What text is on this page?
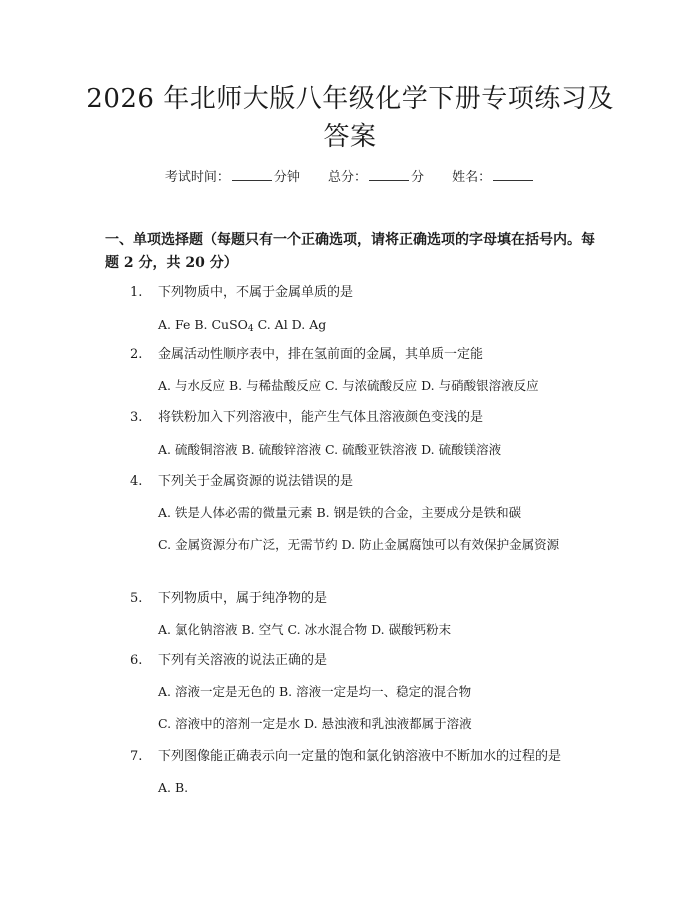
2026 年北师大版八年级化学下册专项练习及
答案
考试时间：	分钟 总分：	分 姓名：
一、单项选择题（每题只有一个正确选项，请将正确选项的字母填在括号内。每题 2 分，共 20 分）
1. 下列物质中，不属于金属单质的是
A. Fe B. CuSO$_4$ C. Al D. Ag
2. 金属活动性顺序表中，排在氢前面的金属，其单质一定能
A. 与水反应 B. 与稀盐酸反应 C. 与浓硫酸反应 D. 与硝酸银溶液反应
3. 将铁粉加入下列溶液中，能产生气体且溶液颜色变浅的是
A. 硫酸铜溶液 B. 硫酸锌溶液 C. 硫酸亚铁溶液 D. 硫酸镁溶液
4. 下列关于金属资源的说法错误的是
A. 铁是人体必需的微量元素 B. 钢是铁的合金，主要成分是铁和碳
C. 金属资源分布广泛，无需节约 D. 防止金属腐蚀可以有效保护金属资源
5. 下列物质中，属于纯净物的是
A. 氯化钠溶液 B. 空气 C. 冰水混合物 D. 碳酸钙粉末
6. 下列有关溶液的说法正确的是
A. 溶液一定是无色的 B. 溶液一定是均一、稳定的混合物
C. 溶液中的溶剂一定是水 D. 悬浊液和乳浊液都属于溶液
7. 下列图像能正确表示向一定量的饱和氯化钠溶液中不断加水的过程的是
A. B.
